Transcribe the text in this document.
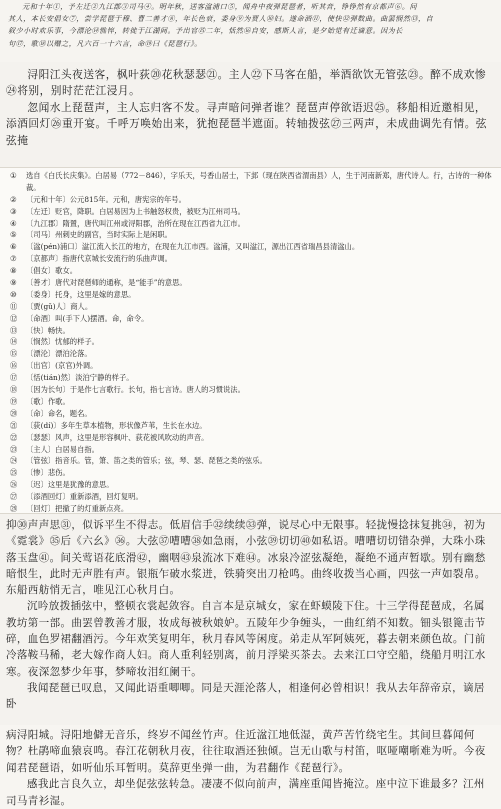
元和十年①，予左迁②九江郡③司马④。明年秋，送客湓浦口⑤，闻舟中夜弹琵琶者，听其音，铮铮然有京都声⑥。问

其人，本长安倡女⑦，尝学琵琶于穆、曹二善才⑧，年长色衰，委身⑨为贾人⑩妇。遂命酒⑪，使快⑫弹数曲。曲罢悯然⑬，自

叙少小时欢乐事，今漂沦⑭憔悴，转徙于江湖间。予出官⑮二年，恬然⑯自安，感斯人言，是夕始觉有迁谪意。因为长

句⑰，歌⑱以赠之，凡六百一十六言，命⑲曰《琵琶行》。

浔阳江头夜送客，枫叶荻⑳花秋瑟瑟㉑。主人㉒下马客在船，举酒欲饮无管弦㉓。醉不成欢惨㉔将别，别时茫茫江浸月。

忽闻水上琵琶声，主人忘归客不发。寻声暗问弹者谁？琵琶声停欲语迟㉕。移船相近邀相见，添酒回灯㉖重开宴。千呼万唤始出来，犹抱琵琶半遮面。转轴拨弦㉗三两声，未成曲调先有情。弦弦掩

①	选自《白氏长庆集》。白居易（772－846），字乐天，号香山居士，下邽（现在陕西省渭南县）人，生于河南新郑，唐代诗人。行，古诗的一种体裁。
②	〔元和十年〕公元815年。元和，唐宪宗的年号。
③	〔左迁〕贬官，降职。白居易因为上书触怒权贵，被贬为江州司马。
④	〔九江郡〕隋置，唐代叫江州或浔阳郡，治所在现在江西省九江市。
⑤	〔司马〕州刺史的副官，当时实际上是闲职。
⑥	〔湓(pén)浦口〕湓江流入长江的地方，在现在九江市西。湓浦，又叫湓江，源出江西省瑞昌县清湓山。
⑦	〔京都声〕指唐代京城长安流行的乐曲声调。
⑧	〔倡女〕歌女。
⑨	〔善才〕唐代对琵琶师的通称，是“能手”的意思。
⑩	〔委身〕托身，这里是嫁的意思。
⑪	〔贾(gǔ)人〕商人。
⑫	〔命酒〕叫(手下人)摆酒。命，命令。
⑬	〔快〕畅快。
⑭	〔悯然〕忧郁的样子。
⑮	〔漂沦〕漂泊沦落。
⑯	〔出官〕(京官)外调。
⑰	〔恬(tián)然〕淡泊宁静的样子。
⑱	〔因为长句〕于是作七言歌行。长句，指七言诗。唐人的习惯说法。
⑲	〔歌〕作歌。
⑳	〔命〕命名，题名。
㉑	〔荻(dí)〕多年生草本植物，形状像芦苇，生长在水边。
㉒	〔瑟瑟〕风声，这里是形容枫叶、荻花被风吹动的声音。
㉓	〔主人〕白居易自指。
㉔	〔管弦〕指音乐。管，箫、笛之类的管乐；弦，琴、瑟、琵琶之类的弦乐。
㉕	〔惨〕悲伤。
㉖	〔迟〕这里是犹豫的意思。
㉗	〔添酒回灯〕重新添酒，回灯复明。
㉘	〔回灯〕把撤了的灯重新点亮。

抑㉚声声思㉛，似诉平生不得志。低眉信手㉜续续㉝弹，说尽心中无限事。轻拢慢捻抹复挑㉞，初为《霓裳》㉟后《六幺》㊱。大弦㊲嘈嘈㊳如急雨，小弦㊴切切㊵如私语。嘈嘈切切错杂弹，大珠小珠落玉盘㊶。间关莺语花底滑㊷，幽咽㊸泉流冰下难㊹。冰泉冷涩弦凝绝，凝绝不通声暂歇。别有幽愁暗恨生，此时无声胜有声。银瓶乍破水浆迸，铁骑突出刀枪鸣。曲终收拨当心画，四弦一声如裂帛。东船西舫悄无言，唯见江心秋月白。

沉吟放拨插弦中，整顿衣裳起敛容。自言本是京城女，家在虾蟆陵下住。十三学得琵琶成，名属教坊第一部。曲罢曾教善才服，妆成每被秋娘妒。五陵年少争缠头，一曲红绡不知数。钿头银篦击节碎，血色罗裙翻酒污。今年欢笑复明年，秋月春风等闲度。弟走从军阿姨死，暮去朝来颜色故。门前冷落鞍马稀，老大嫁作商人妇。商人重利轻别离，前月浮梁买茶去。去来江口守空船，绕船月明江水寒。夜深忽梦少年事，梦啼妆泪红阑干。

我闻琵琶已叹息，又闻此语重唧唧。同是天涯沦落人，相逢何必曾相识！我从去年辞帝京，谪居卧

病浔阳城。浔阳地僻无音乐，终岁不闻丝竹声。住近湓江地低湿，黄芦苦竹绕宅生。其间旦暮闻何物？杜鹃啼血猿哀鸣。春江花朝秋月夜，往往取酒还独倾。岂无山歌与村笛，呕哑嘲哳难为听。今夜闻君琵琶语，如听仙乐耳暂明。莫辞更坐弹一曲，为君翻作《琵琶行》。

感我此言良久立，却坐促弦弦转急。凄凄不似向前声，满座重闻皆掩泣。座中泣下谁最多？江州司马青衫湿。
